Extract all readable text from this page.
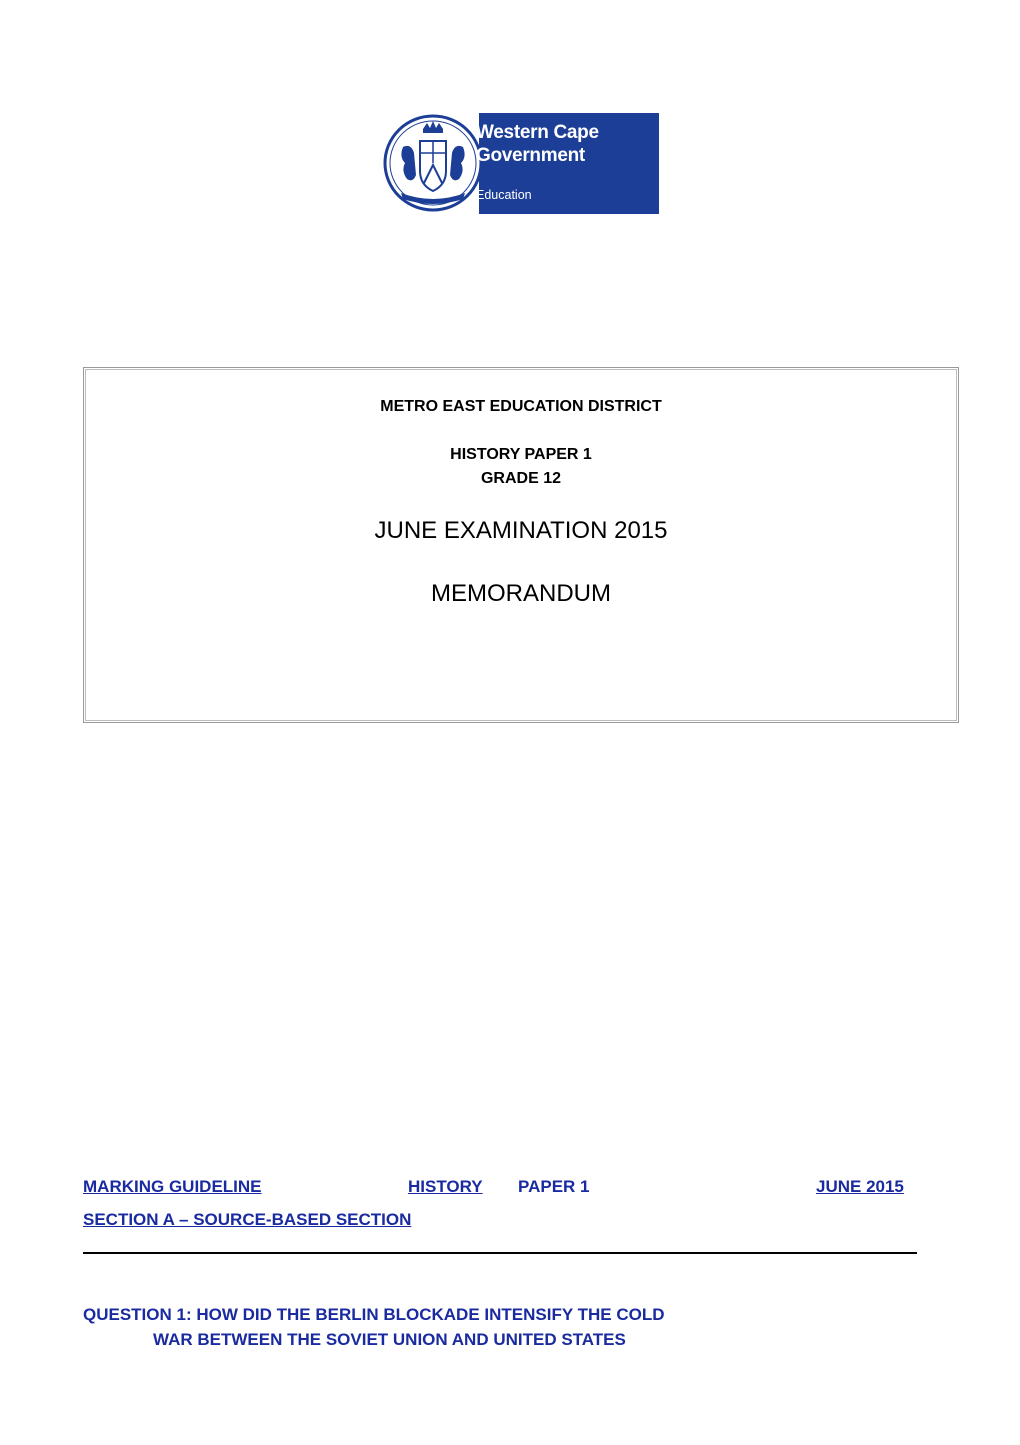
Western Cape
Government
Education
METRO EAST EDUCATION DISTRICT
HISTORY PAPER 1
GRADE 12
JUNE EXAMINATION 2015
MEMORANDUM
MARKING GUIDELINE	HISTORY PAPER 1	JUNE 2015
SECTION A – SOURCE-BASED SECTION
QUESTION 1: HOW DID THE BERLIN BLOCKADE INTENSIFY THE COLD
WAR BETWEEN THE SOVIET UNION AND UNITED STATES
